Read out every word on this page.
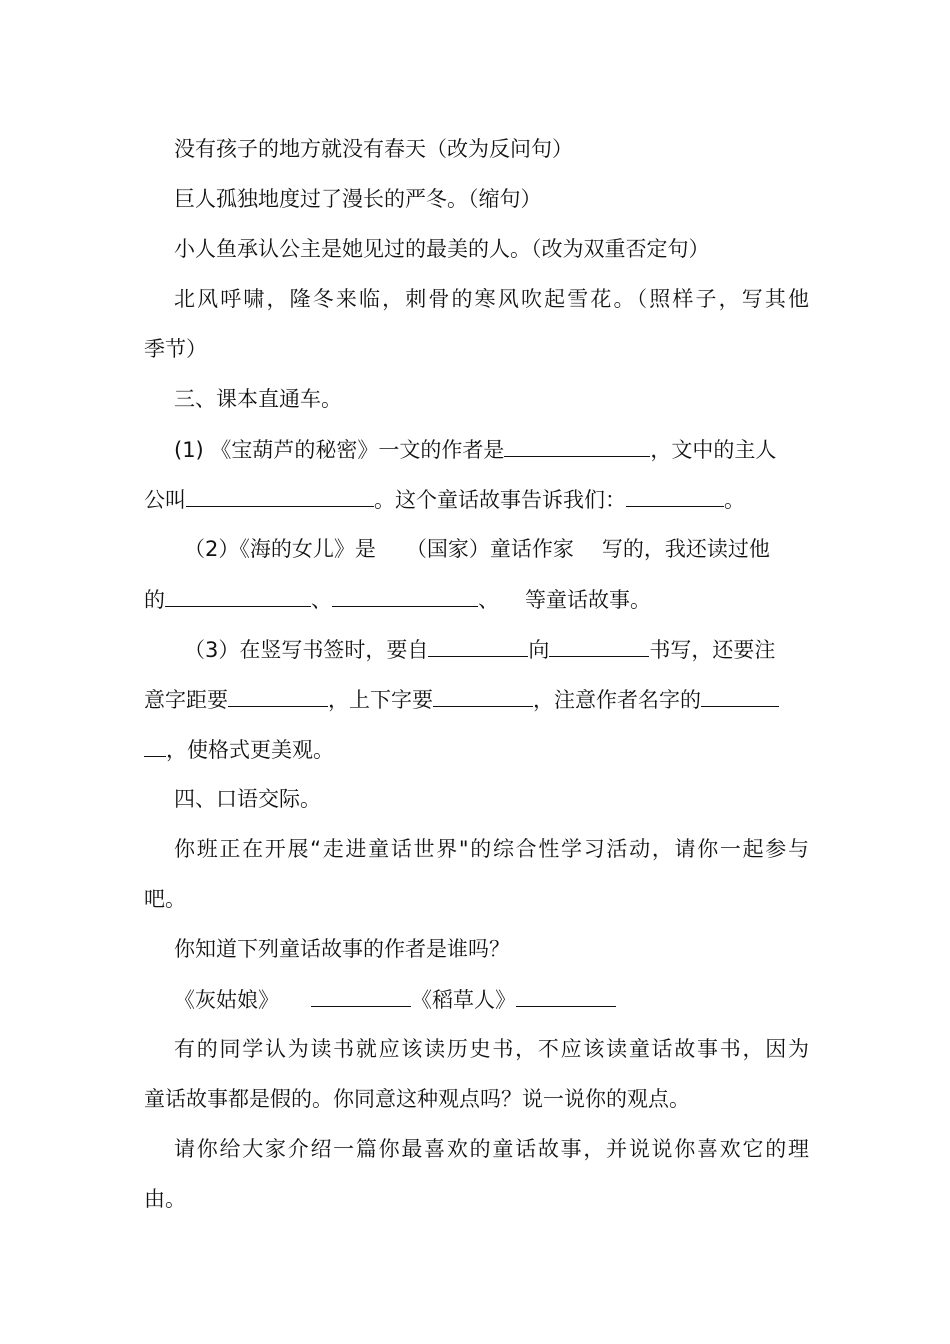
没有孩子的地方就没有春天（改为反问句）
巨人孤独地度过了漫长的严冬。（缩句）
小人鱼承认公主是她见过的最美的人。（改为双重否定句）
北风呼啸，隆冬来临，刺骨的寒风吹起雪花。（照样子，写其他
季节）
三、课本直通车。
(1) 《宝葫芦的秘密》一文的作者是	，文中的主人
公叫	。这个童话故事告诉我们：	。
（2）《海的女儿》是 （国家）童话作家 写的，我还读过他
的	、	、 等童话故事。
（3）在竖写书签时，要自	向	书写，还要注
意字距要	，上下字要	，注意作者名字的
，使格式更美观。
四、口语交际。
你班正在开展“走进童话世界"的综合性学习活动，请你一起参与
吧。
你知道下列童话故事的作者是谁吗？
《灰姑娘》	《稻草人》
有的同学认为读书就应该读历史书，不应该读童话故事书，因为
童话故事都是假的。你同意这种观点吗？说一说你的观点。
请你给大家介绍一篇你最喜欢的童话故事，并说说你喜欢它的理
由。
